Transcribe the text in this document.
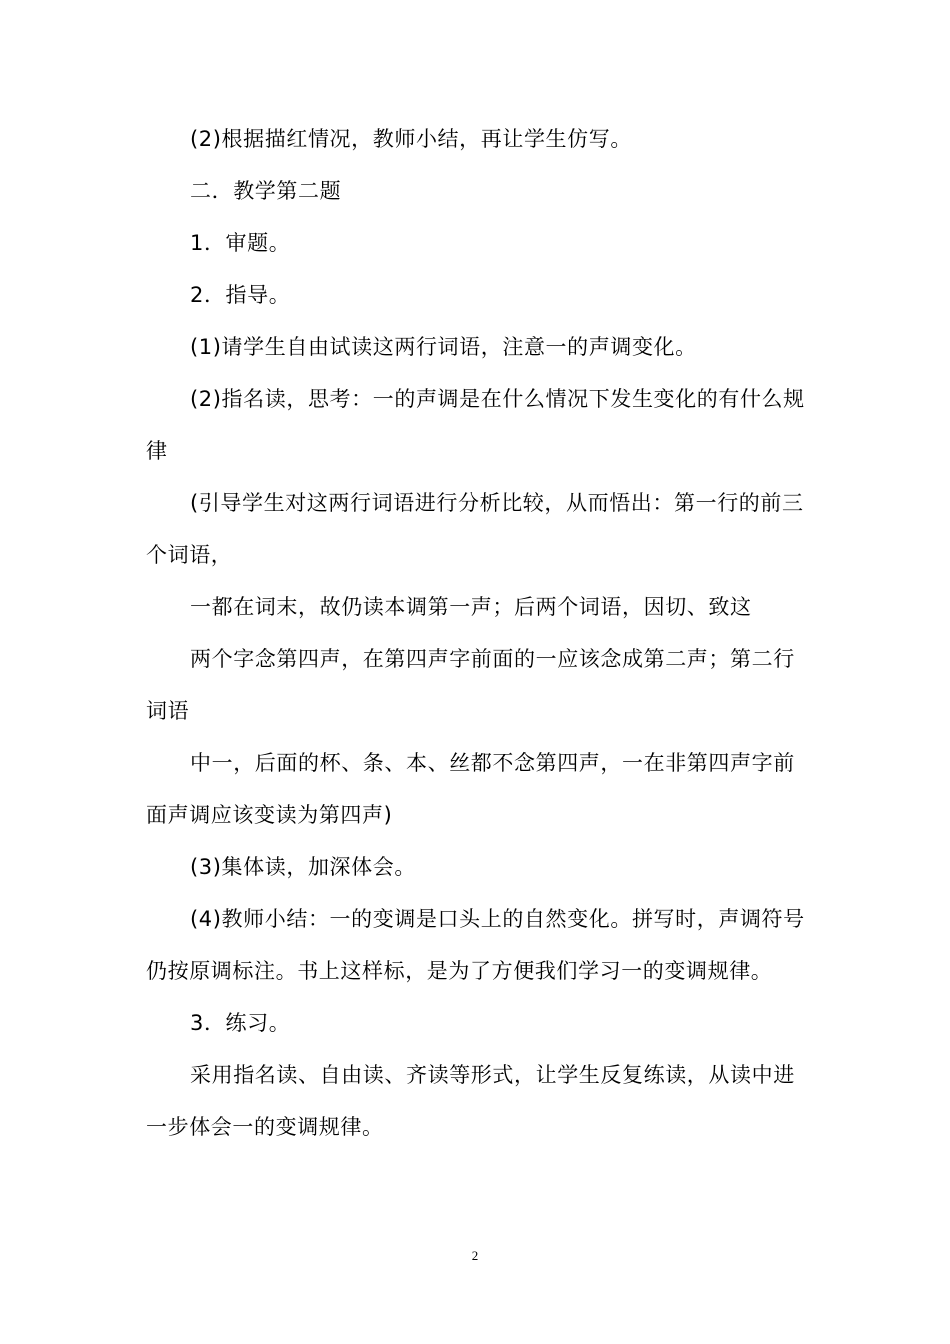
(2)根据描红情况，教师小结，再让学生仿写。

二．教学第二题

1．审题。

2．指导。

(1)请学生自由试读这两行词语，注意一的声调变化。

(2)指名读，思考：一的声调是在什么情况下发生变化的有什么规律

(引导学生对这两行词语进行分析比较，从而悟出：第一行的前三个词语，

一都在词末，故仍读本调第一声；后两个词语，因切、致这

两个字念第四声，在第四声字前面的一应该念成第二声；第二行词语

中一，后面的杯、条、本、丝都不念第四声，一在非第四声字前面声调应该变读为第四声)

(3)集体读，加深体会。

(4)教师小结：一的变调是口头上的自然变化。拼写时，声调符号仍按原调标注。书上这样标，是为了方便我们学习一的变调规律。

3．练习。

采用指名读、自由读、齐读等形式，让学生反复练读，从读中进一步体会一的变调规律。

2
